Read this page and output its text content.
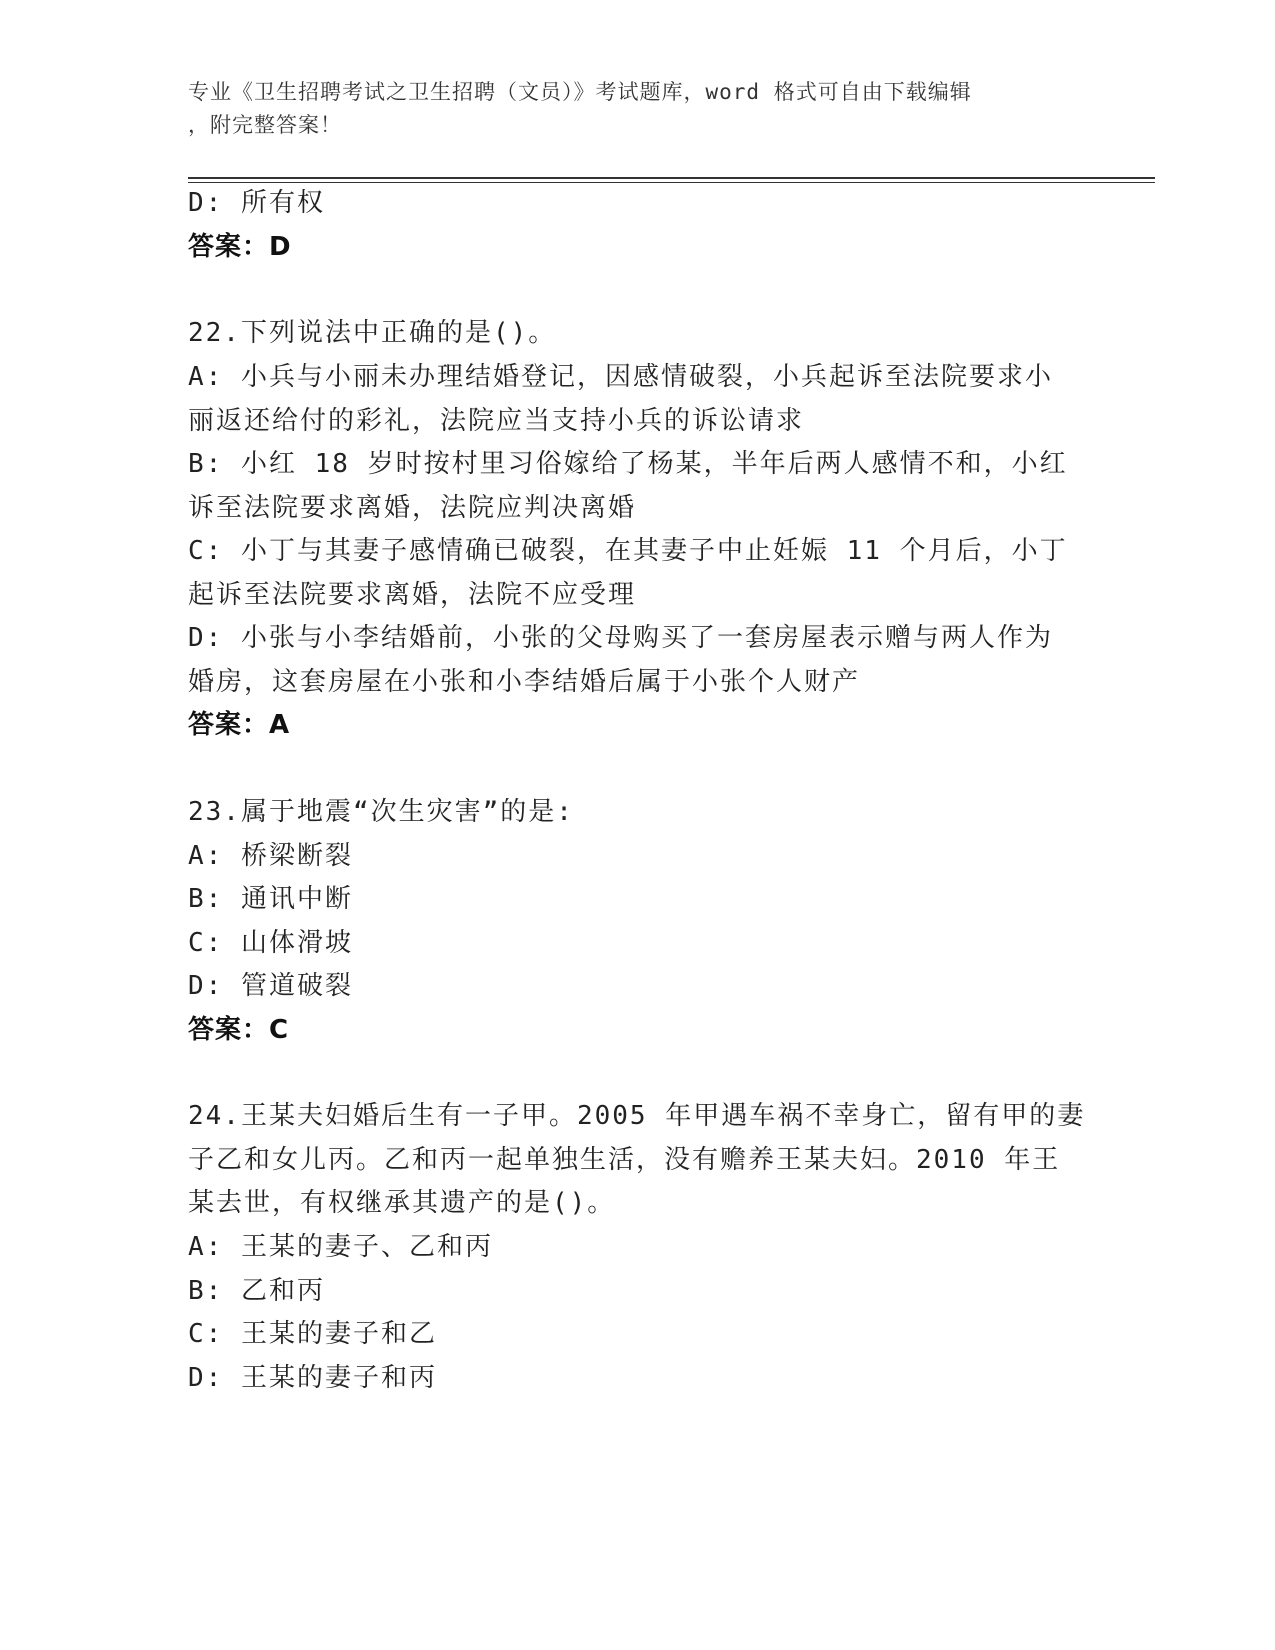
专业《卫生招聘考试之卫生招聘（文员）》考试题库，word 格式可自由下载编辑
，附完整答案！
D: 所有权
答案：D
22.下列说法中正确的是()。
A: 小兵与小丽未办理结婚登记，因感情破裂，小兵起诉至法院要求小
丽返还给付的彩礼，法院应当支持小兵的诉讼请求
B: 小红 18 岁时按村里习俗嫁给了杨某，半年后两人感情不和，小红
诉至法院要求离婚，法院应判决离婚
C: 小丁与其妻子感情确已破裂，在其妻子中止妊娠 11 个月后，小丁
起诉至法院要求离婚，法院不应受理
D: 小张与小李结婚前，小张的父母购买了一套房屋表示赠与两人作为
婚房，这套房屋在小张和小李结婚后属于小张个人财产
答案：A
23.属于地震“次生灾害”的是:
A: 桥梁断裂
B: 通讯中断
C: 山体滑坡
D: 管道破裂
答案：C
24.王某夫妇婚后生有一子甲。2005 年甲遇车祸不幸身亡，留有甲的妻
子乙和女儿丙。乙和丙一起单独生活，没有赡养王某夫妇。2010 年王
某去世，有权继承其遗产的是()。
A: 王某的妻子、乙和丙
B: 乙和丙
C: 王某的妻子和乙
D: 王某的妻子和丙
